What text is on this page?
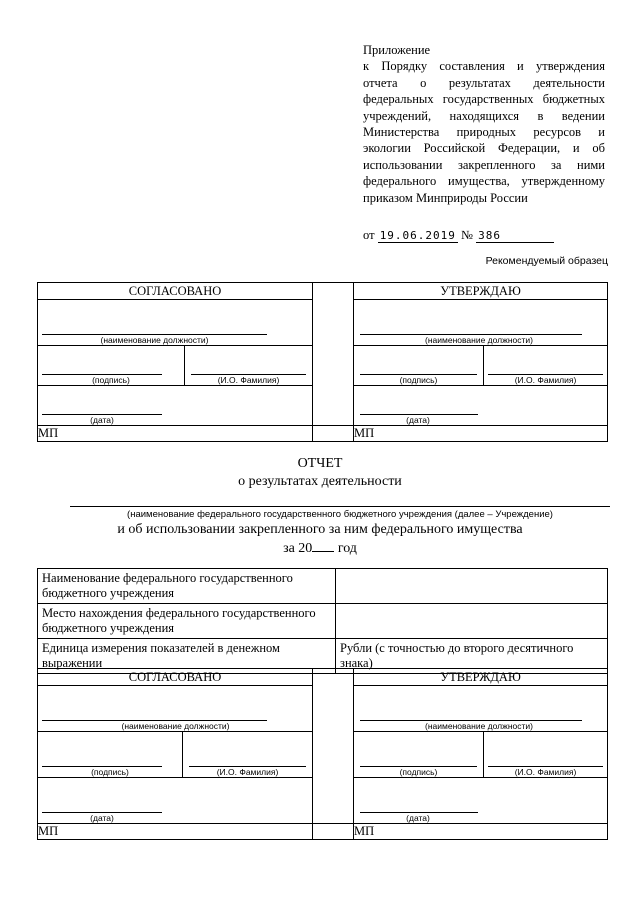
Приложение
к Порядку составления и утверждения
отчета о результатах деятельности
федеральных государственных бюджетных
учреждений, находящихся в ведении
Министерства природных ресурсов и
экологии Российской Федерации, и об
использовании закрепленного за ними
федерального имущества, утвержденному
приказом Минприроды России
от 19.06.2019 № 386
Рекомендуемый образец
СОГЛАСОВАНО			УТВЕРЖДАЮ	

(наименование должности)			(наименование должности)	

(подпись)	(И.О. Фамилия)		(подпись)	(И.О. Фамилия)

(дата)			(дата)	

МП			МП	
ОТЧЕТ
о результатах деятельности
(наименование федерального государственного бюджетного учреждения (далее – Учреждение)
и об использовании закрепленного за ним федерального имущества
за 20 год
Наименование федерального государственного бюджетного учреждения	
Место нахождения федерального государственного бюджетного учреждения	
Единица измерения показателей в денежном выражении	Рубли (с точностью до второго десятичного знака)
СОГЛАСОВАНО			УТВЕРЖДАЮ	

(наименование должности)			(наименование должности)	

(подпись)	(И.О. Фамилия)		(подпись)	(И.О. Фамилия)

(дата)			(дата)	

МП			МП	
